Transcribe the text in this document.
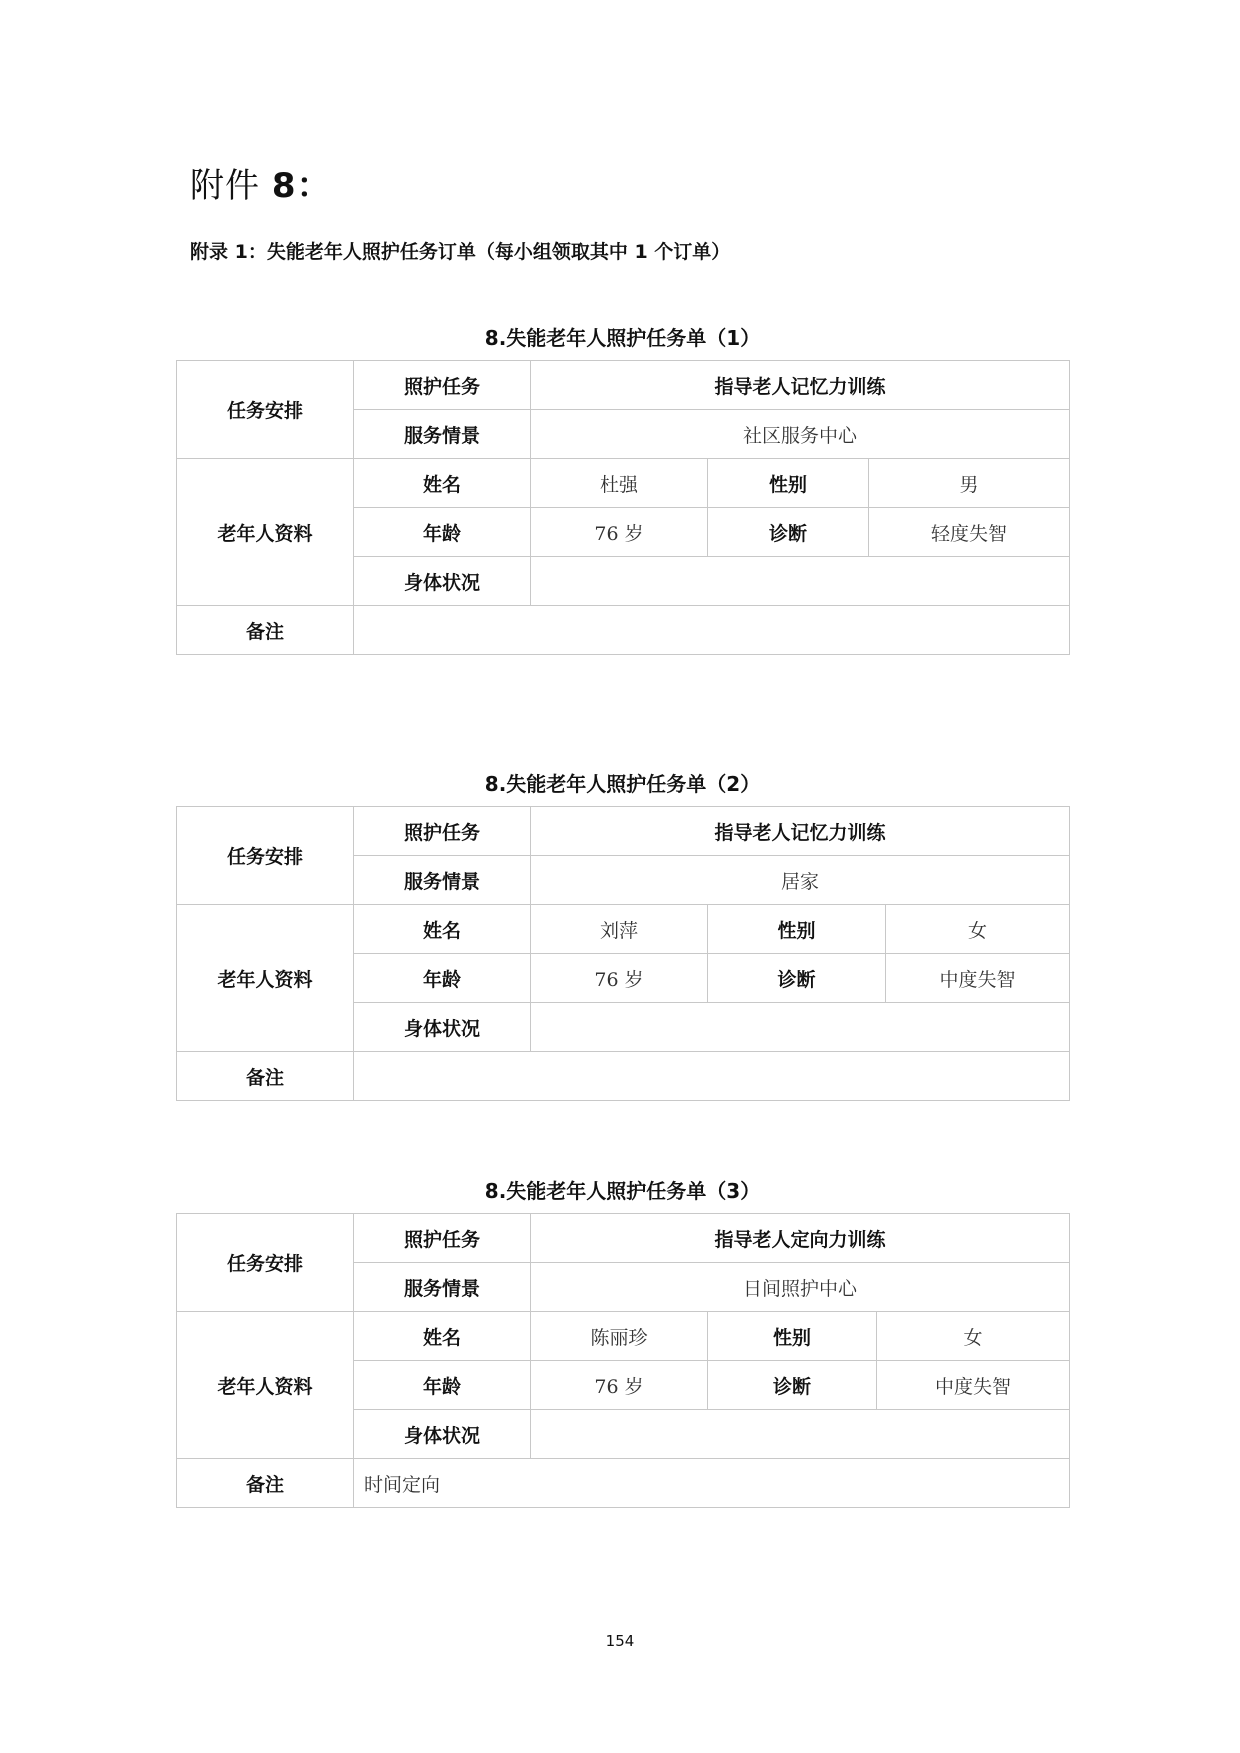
附件 8：
附录 1：失能老年人照护任务订单（每小组领取其中 1 个订单）
8.失能老年人照护任务单（1）
任务安排	照护任务	指导老人记忆力训练		
	服务情景	社区服务中心		
老年人资料	姓名	杜强	性别	男
	年龄	76 岁	诊断	轻度失智
	身体状况			
备注				
8.失能老年人照护任务单（2）
任务安排	照护任务	指导老人记忆力训练		
	服务情景	居家		
老年人资料	姓名	刘萍	性别	女
	年龄	76 岁	诊断	中度失智
	身体状况			
备注				
8.失能老年人照护任务单（3）
任务安排	照护任务	指导老人定向力训练		
	服务情景	日间照护中心		
老年人资料	姓名	陈丽珍	性别	女
	年龄	76 岁	诊断	中度失智
	身体状况			
备注	时间定向			
154
